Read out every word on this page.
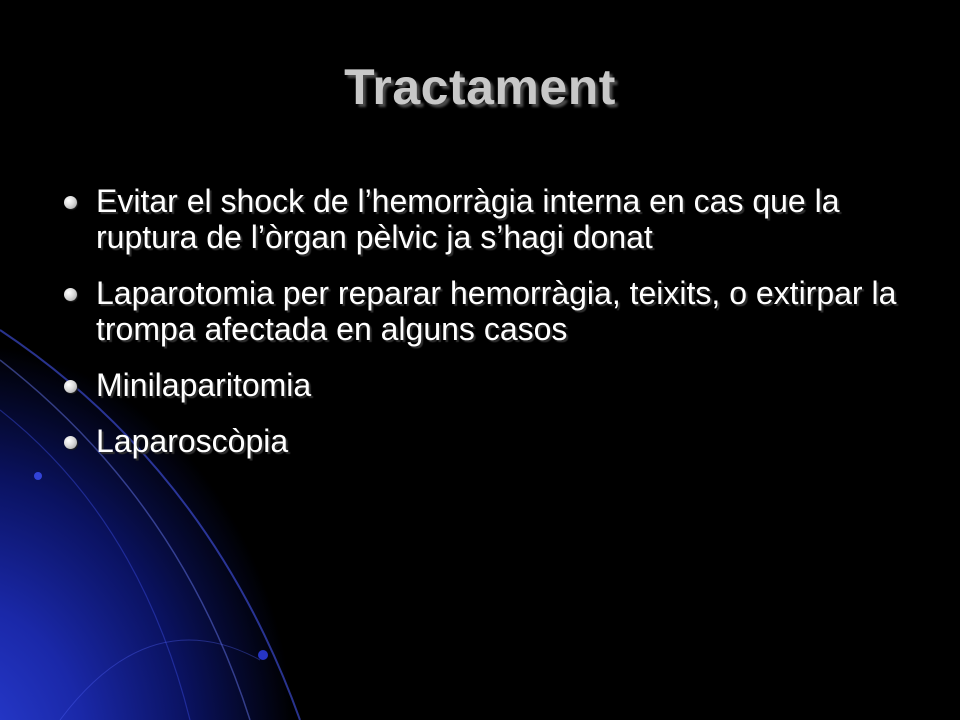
Tractament
Evitar el shock de l’hemorràgia interna en cas que la ruptura de l’òrgan pèlvic ja s’hagi donat
Laparotomia per reparar hemorràgia, teixits, o extirpar la trompa afectada en alguns casos
Minilaparitomia
Laparoscòpia
